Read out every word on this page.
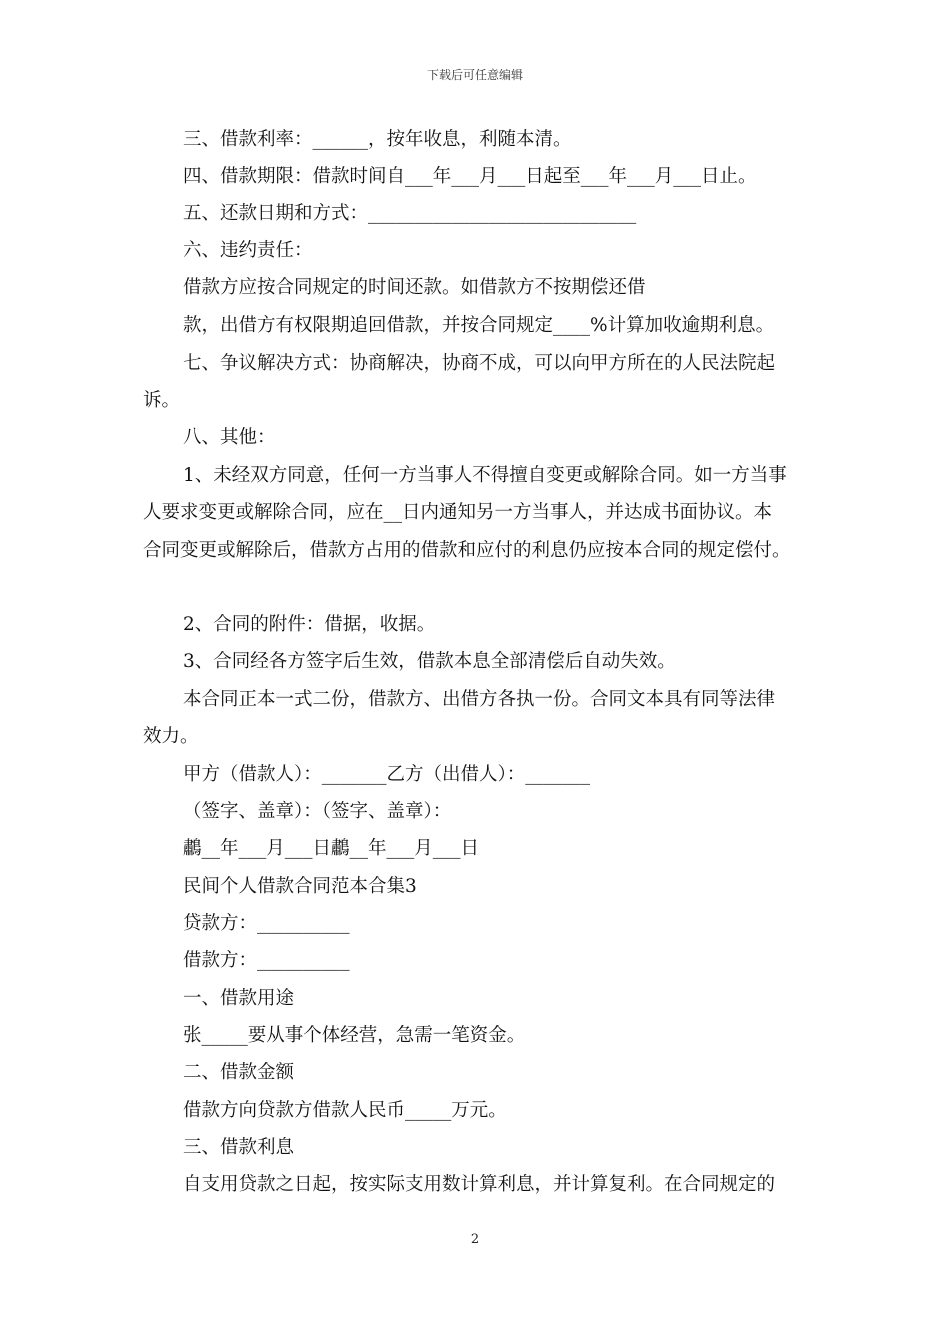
下载后可任意编辑
三、借款利率：______，按年收息，利随本清。
四、借款期限：借款时间自___年___月___日起至___年___月___日止。
五、还款日期和方式：_____________________________
六、违约责任：
借款方应按合同规定的时间还款。如借款方不按期偿还借
款，出借方有权限期追回借款，并按合同规定____%计算加收逾期利息。
七、争议解决方式：协商解决，协商不成，可以向甲方所在的人民法院起
诉。
八、其他：
1、未经双方同意，任何一方当事人不得擅自变更或解除合同。如一方当事
人要求变更或解除合同，应在__日内通知另一方当事人，并达成书面协议。本
合同变更或解除后，借款方占用的借款和应付的利息仍应按本合同的规定偿付。
2、合同的附件：借据，收据。
3、合同经各方签字后生效，借款本息全部清偿后自动失效。
本合同正本一式二份，借款方、出借方各执一份。合同文本具有同等法律
效力。
甲方（借款人）：_______乙方（出借人）：_______
（签字、盖章）：（签字、盖章）：
鷫__年___月___日鷫__年___月___日
民间个人借款合同范本合集3
贷款方：__________
借款方：__________
一、借款用途
张_____要从事个体经营，急需一笔资金。
二、借款金额
借款方向贷款方借款人民币_____万元。
三、借款利息
自支用贷款之日起，按实际支用数计算利息，并计算复利。在合同规定的
2
